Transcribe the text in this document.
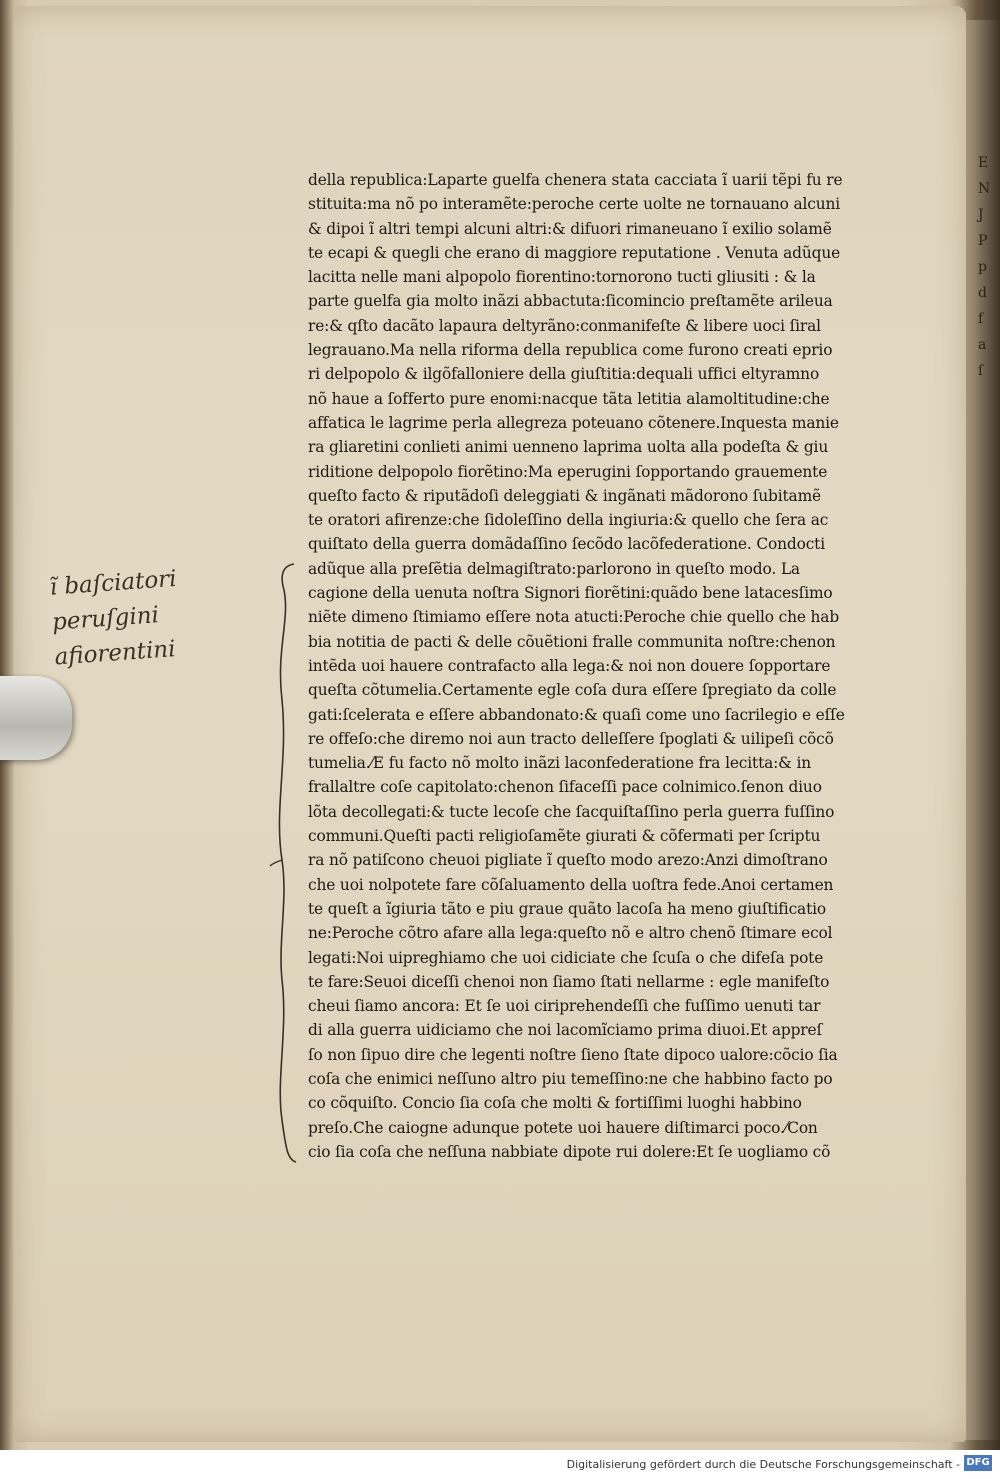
E
N
J
P
p
d
f
a
ſ
ĩ baſciatori
peruſgini
afiorentini
della republica:Laparte guelfa chenera stata cacciata ĩ uarii tẽpi fu re
stituita:ma nõ po interamẽte:peroche certe uolte ne tornauano alcuni
& dipoi ĩ altri tempi alcuni altri:& difuori rimaneuano ĩ exilio solamẽ
te ecapi & quegli che erano di maggiore reputatione . Venuta adũque
lacitta nelle mani alpopolo fiorentino:tornorono tucti gliusiti : & la
parte guelfa gia molto inãzi abbactuta:ſicomincio preſtamẽte arileua
re:& qſto dacãto lapaura deltyrãno:conmanifeſte & libere uoci ſiral
legrauano.Ma nella riforma della republica come furono creati eprio
ri delpopolo & ilgõfalloniere della giuſtitia:dequali uffici eltyramno
nõ haue a ſofferto pure enomi:nacque tãta letitia alamoltitudine:che
affatica le lagrime perla allegreza poteuano cõtenere.Inquesta manie
ra gliaretini conlieti animi uenneno laprima uolta alla podeſta & giu
riditione delpopolo fiorẽtino:Ma eperugini ſopportando grauemente
queſto facto & riputãdoſi deleggiati & ingãnati mãdorono ſubitamẽ
te oratori afirenze:che ſidoleſſino della ingiuria:& quello che ſera ac
quiſtato della guerra domãdaſſino ſecõdo lacõfederatione. Condocti
adũque alla preſẽtia delmagiſtrato:parlorono in queſto modo. La
cagione della uenuta noſtra Signori fiorẽtini:quãdo bene latacesſimo
niẽte dimeno ſtimiamo eſſere nota atucti:Peroche chie quello che hab
bia notitia de pacti & delle cõuẽtioni fralle communita noſtre:chenon
intẽda uoi hauere contrafacto alla lega:& noi non douere ſopportare
queſta cõtumelia.Certamente egle coſa dura eſſere ſpregiato da colle
gati:ſcelerata e eſſere abbandonato:& quaſi come uno ſacrilegio e eſſe
re offeſo:che diremo noi aun tracto delleſſere ſpoglati & uilipeſi cõcõ
tumelia.⁄E fu facto nõ molto inãzi laconfederatione fra lecitta:& in
frallaltre coſe capitolato:chenon ſifaceſſi pace colnimico.ſenon diuo
lõta decollegati:& tucte lecoſe che ſacquiſtaſſino perla guerra fuſſino
communi.Queſti pacti religioſamẽte giurati & cõfermati per ſcriptu
ra nõ patiſcono cheuoi pigliate ĩ queſto modo arezo:Anzi dimoſtrano
che uoi nolpotete fare cõſaluamento della uoſtra fede.Anoi certamen
te queſt a ĩgiuria tãto e piu graue quãto lacoſa ha meno giuſtificatio
ne:Peroche cõtro afare alla lega:queſto nõ e altro chenõ ſtimare ecol
legati:Noi uipreghiamo che uoi cidiciate che ſcuſa o che difeſa pote
te fare:Seuoi diceſſi chenoi non ſiamo ſtati nellarme : egle manifeſto
cheui ſiamo ancora: Et ſe uoi ciriprehendeſſi che fuſſimo uenuti tar
di alla guerra uidiciamo che noi lacomĩciamo prima diuoi.Et appreſ
ſo non ſipuo dire che legenti noſtre ſieno ſtate dipoco ualore:cõcio ſia
coſa che enimici neſſuno altro piu temeſſino:ne che habbino facto po
co cõquiſto. Concio ſia coſa che molti & fortiſſimi luoghi habbino
preſo.Che caiogne adunque potete uoi hauere diſtimarci poco.⁄Con
cio ſia coſa che neſſuna nabbiate dipote rui dolere:Et ſe uogliamo cõ
Digitalisierung gefördert durch die Deutsche Forschungsgemeinschaft - DFG
